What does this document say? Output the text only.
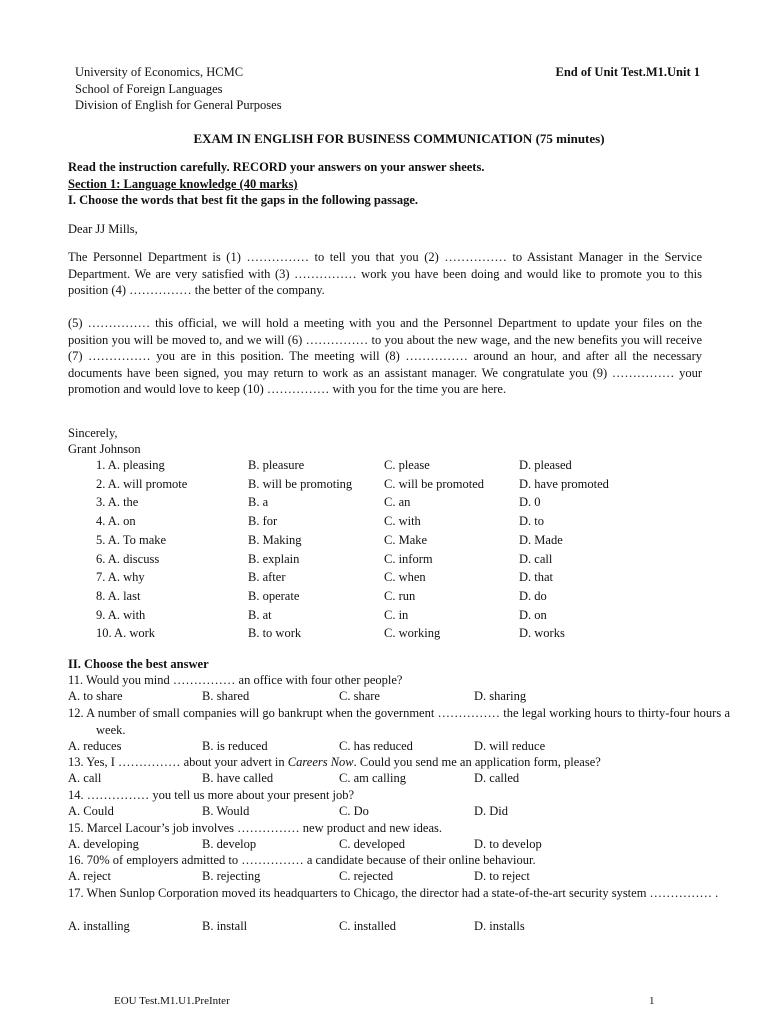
University of Economics, HCMC
School of Foreign Languages
Division of English for General Purposes
End of Unit Test.M1.Unit 1
EXAM IN ENGLISH FOR BUSINESS COMMUNICATION (75 minutes)
Read the instruction carefully. RECORD your answers on your answer sheets.
Section 1: Language knowledge (40 marks)
I. Choose the words that best fit the gaps in the following passage.
Dear JJ Mills,
The Personnel Department is (1) …………… to tell you that you (2) …………… to Assistant Manager in the Service Department. We are very satisfied with (3) …………… work you have been doing and would like to promote you to this position (4) …………… the better of the company.
(5) …………… this official, we will hold a meeting with you and the Personnel Department to update your files on the position you will be moved to, and we will (6) …………… to you about the new wage, and the new benefits you will receive (7) …………… you are in this position. The meeting will (8) …………… around an hour, and after all the necessary documents have been signed, you may return to work as an assistant manager. We congratulate you (9) …………… your promotion and would love to keep (10) …………… with you for the time you are here.
Sincerely,
Grant Johnson
1. A. pleasing	B. pleasure	C. please	D. pleased
2. A. will promote	B. will be promoting	C. will be promoted	D. have promoted
3. A. the	B. a	C. an	D. 0
4. A. on	B. for	C. with	D. to
5. A. To make	B. Making	C. Make	D. Made
6. A. discuss	B. explain	C. inform	D. call
7. A. why	B. after	C. when	D. that
8. A. last	B. operate	C. run	D. do
9. A. with	B. at	C. in	D. on
10. A. work	B. to work	C. working	D. works
II. Choose the best answer
11. Would you mind …………… an office with four other people?
A. to share	B. shared	C. share	D. sharing
12. A number of small companies will go bankrupt when the government …………… the legal working hours to thirty-four hours a week.
A. reduces	B. is reduced	C. has reduced	D. will reduce
13. Yes, I …………… about your advert in Careers Now. Could you send me an application form, please?
A. call	B. have called	C. am calling	D. called
14. …………… you tell us more about your present job?
A. Could	B. Would	C. Do	D. Did
15. Marcel Lacour’s job involves …………… new product and new ideas.
A. developing	B. develop	C. developed	D. to develop
16. 70% of employers admitted to …………… a candidate because of their online behaviour.
A. reject	B. rejecting	C. rejected	D. to reject
17. When Sunlop Corporation moved its headquarters to Chicago, the director had a state-of-the-art security system …………… .
A. installing	B. install	C. installed	D. installs
EOU Test.M1.U1.PreInter	1
